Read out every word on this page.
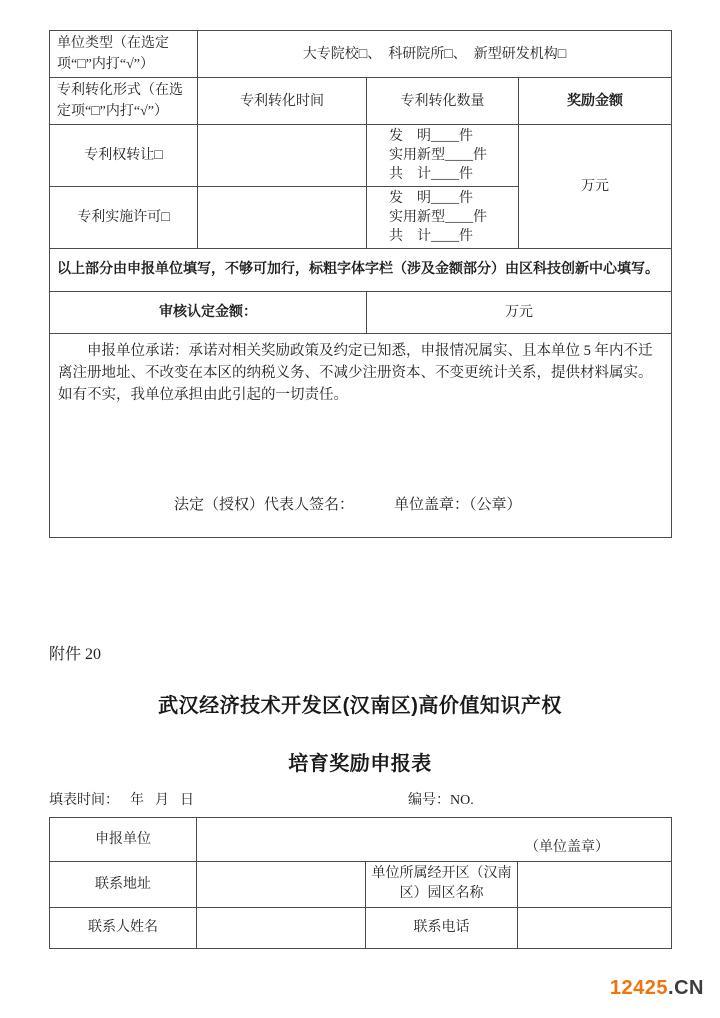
单位类型（在选定项“□”内打“√”）	大专院校□、　科研院所□、　新型研发机构□		
专利转化形式（在选定项“□”内打“√”）	专利转化时间	专利转化数量	奖励金额
专利权转让□		发　明____件
实用新型____件
共　计____件	万元
专利实施许可□		发　明____件
实用新型____件
共　计____件	

以上部分由申报单位填写，不够可加行，标粗字体字栏（涉及金额部分）由区科技创新中心填写。			
审核认定金额：		万元	

申报单位承诺：承诺对相关奖励政策及约定已知悉，申报情况属实、且本单位 5 年内不迁离注册地址、不改变在本区的纳税义务、不减少注册资本、不变更统计关系，提供材料属实。如有不实，我单位承担由此引起的一切责任。

法定（授权）代表人签名： 单位盖章：（公章）			
附件 20
武汉经济技术开发区(汉南区)高价值知识产权
培育奖励申报表
填表时间： 年 月 日	编号：NO.
申报单位	（单位盖章）		

联系地址		单位所属经开区（汉南区）园区名称	
联系人姓名		联系电话	
12425.CN
